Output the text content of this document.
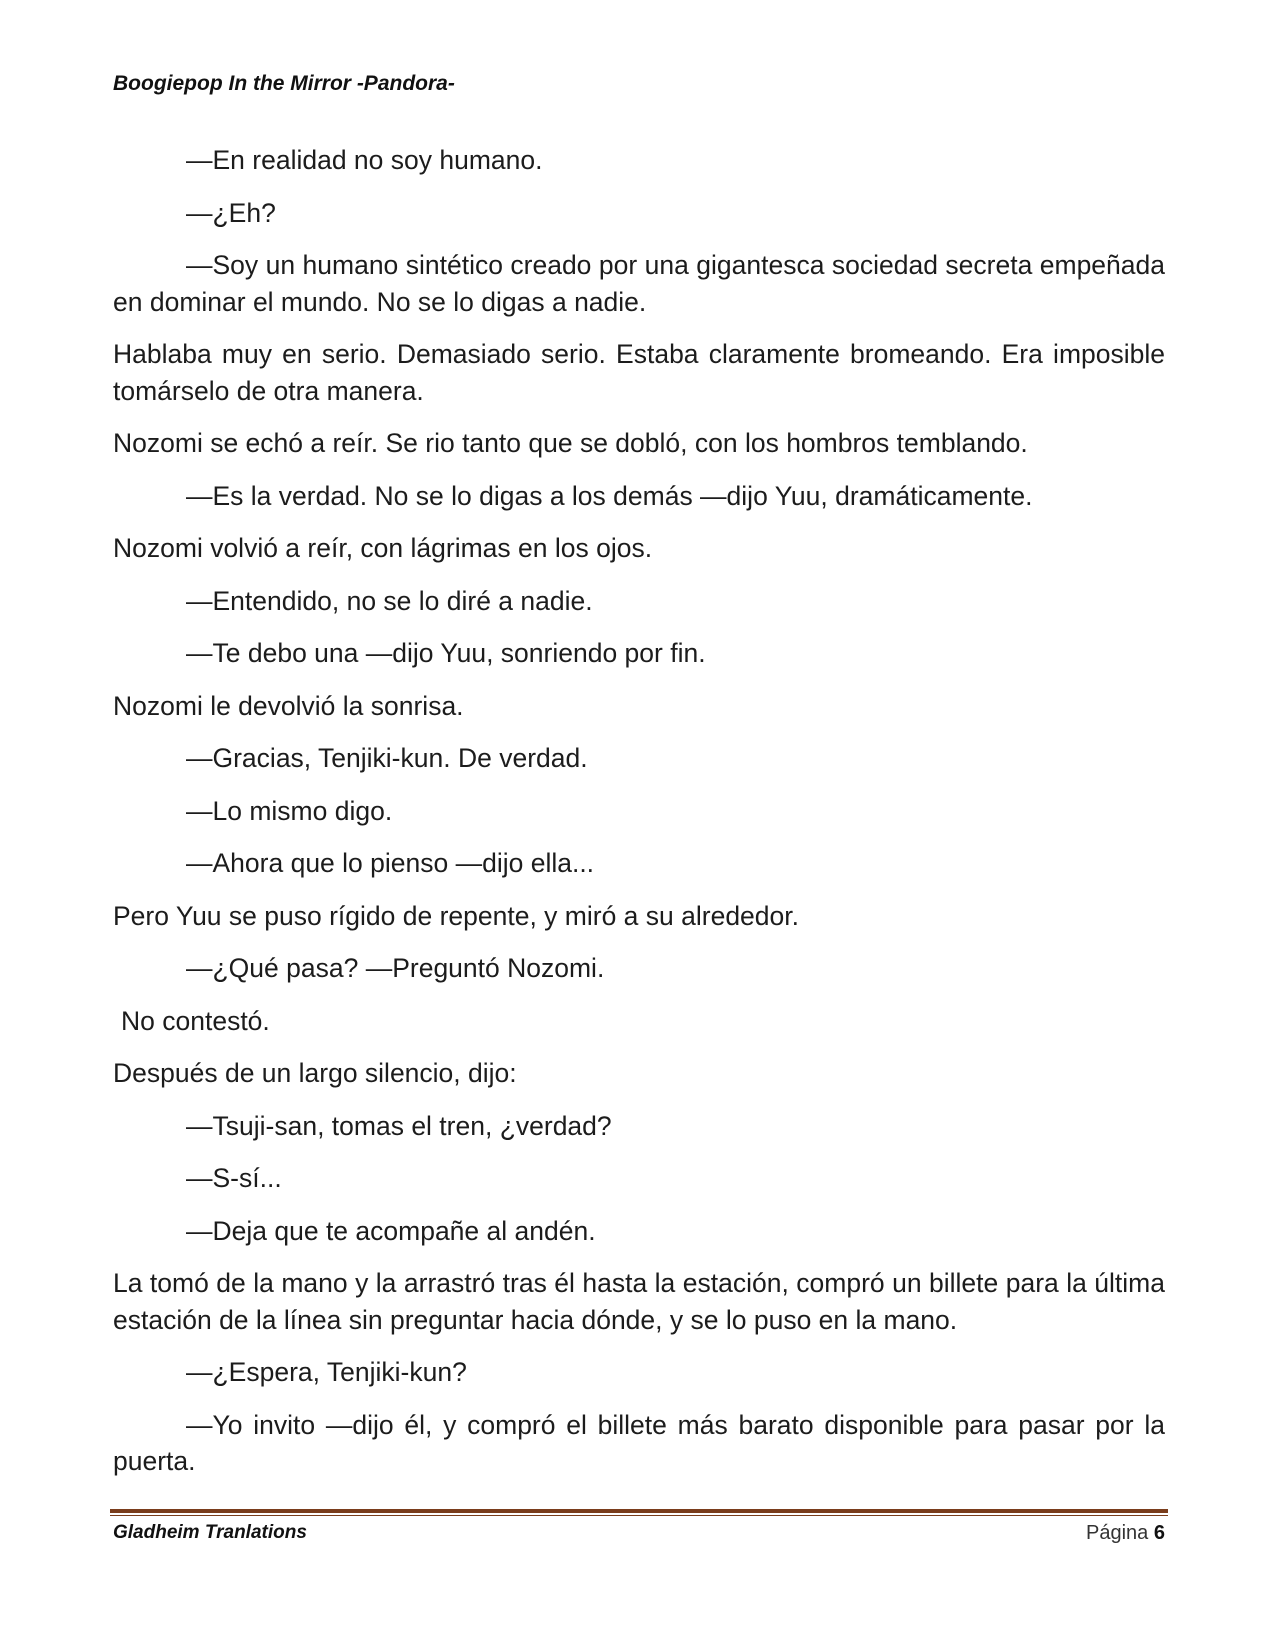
Boogiepop In the Mirror -Pandora-

—En realidad no soy humano.

—¿Eh?

—Soy un humano sintético creado por una gigantesca sociedad secreta empeñada en dominar el mundo. No se lo digas a nadie.

Hablaba muy en serio. Demasiado serio. Estaba claramente bromeando. Era imposible tomárselo de otra manera.

Nozomi se echó a reír. Se rio tanto que se dobló, con los hombros temblando.

—Es la verdad. No se lo digas a los demás —dijo Yuu, dramáticamente.

Nozomi volvió a reír, con lágrimas en los ojos.

—Entendido, no se lo diré a nadie.

—Te debo una —dijo Yuu, sonriendo por fin.

Nozomi le devolvió la sonrisa.

—Gracias, Tenjiki-kun. De verdad.

—Lo mismo digo.

—Ahora que lo pienso —dijo ella...

Pero Yuu se puso rígido de repente, y miró a su alrededor.

—¿Qué pasa? —Preguntó Nozomi.

No contestó.

Después de un largo silencio, dijo:

—Tsuji-san, tomas el tren, ¿verdad?

—S-sí...

—Deja que te acompañe al andén.

La tomó de la mano y la arrastró tras él hasta la estación, compró un billete para la última estación de la línea sin preguntar hacia dónde, y se lo puso en la mano.

—¿Espera, Tenjiki-kun?

—Yo invito —dijo él, y compró el billete más barato disponible para pasar por la puerta.

Gladheim Tranlations	Página 6
